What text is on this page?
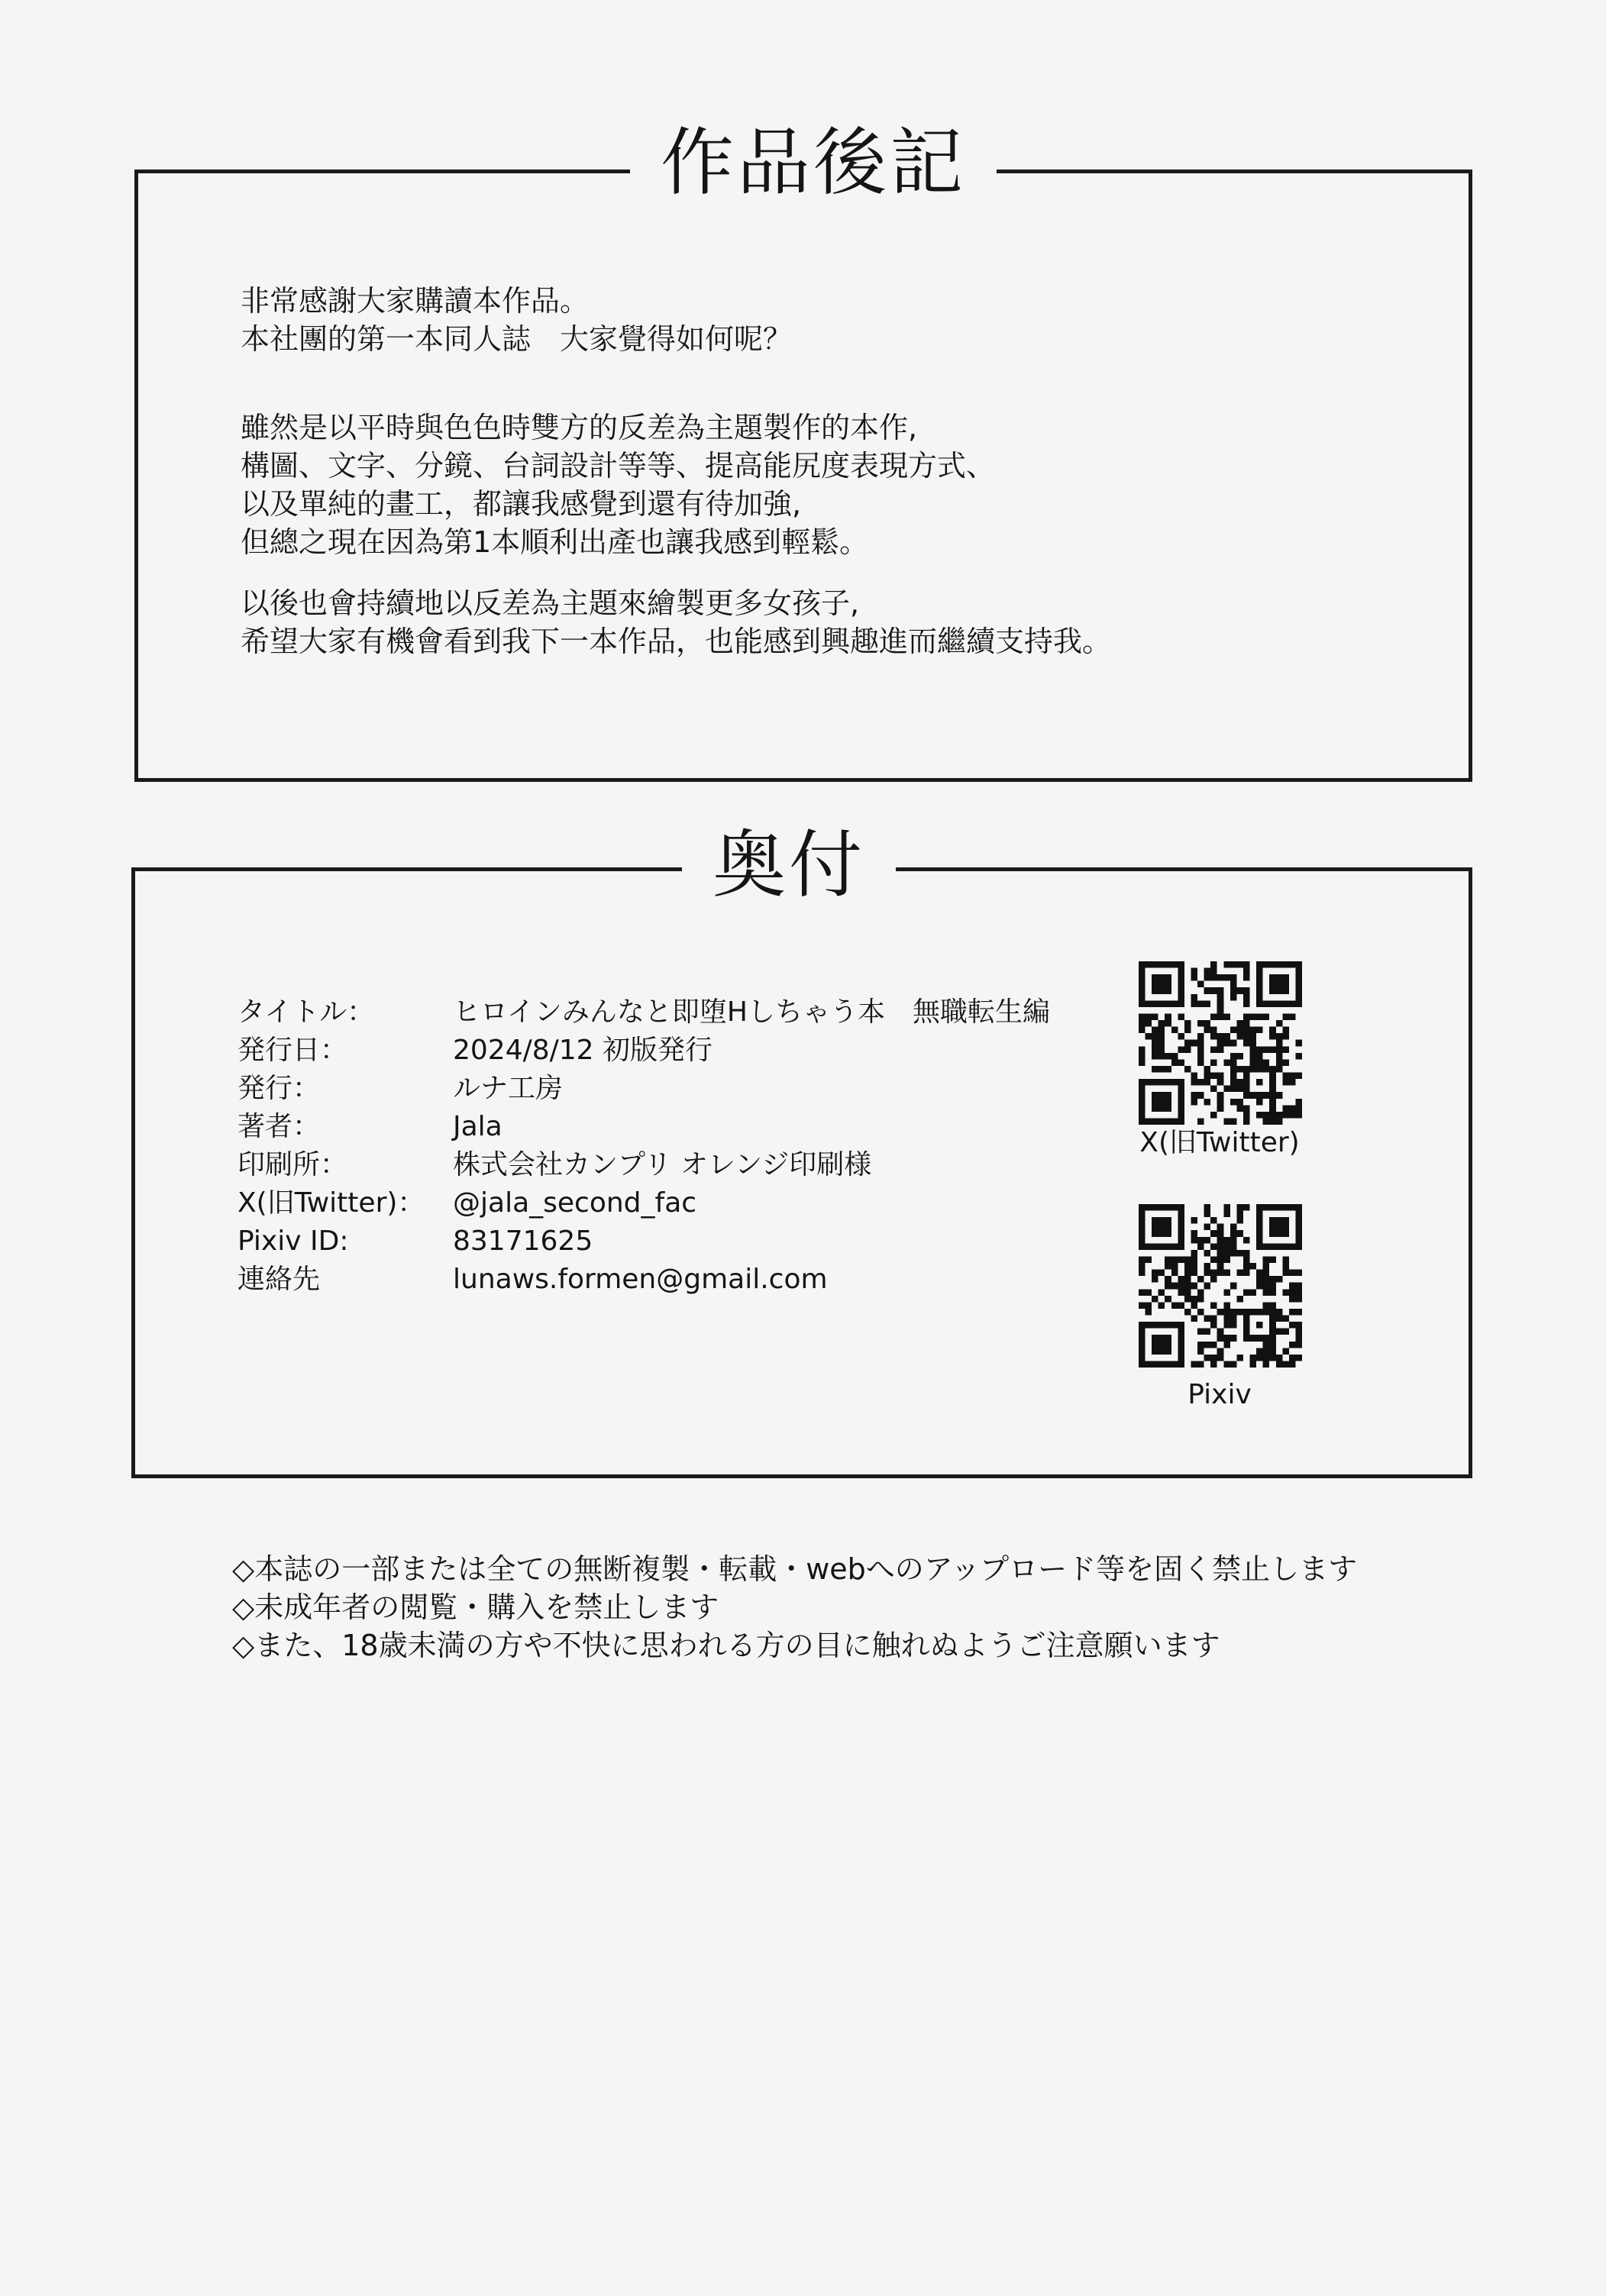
作品後記
非常感謝大家購讀本作品。
本社團的第一本同人誌　大家覺得如何呢？
雖然是以平時與色色時雙方的反差為主題製作的本作,
構圖、文字、分鏡、台詞設計等等、提高能尻度表現方式、
以及單純的畫工，都讓我感覺到還有待加強,
但總之現在因為第1本順利出產也讓我感到輕鬆。
以後也會持續地以反差為主題來繪製更多女孩子,
希望大家有機會看到我下一本作品，也能感到興趣進而繼續支持我。
奥付
タイトル：	ヒロインみんなと即堕Hしちゃう本　無職転生編
発行日：	2024/8/12 初版発行
発行：	ルナ工房
著者：	Jala
印刷所：	株式会社カンプリ オレンジ印刷様
X(旧Twitter)： @jala_second_fac
Pixiv ID:	83171625
連絡先	lunaws.formen@gmail.com
X(旧Twitter)
Pixiv
◇本誌の一部または全ての無断複製・転載・webへのアップロード等を固く禁止します
◇未成年者の閲覧・購入を禁止します
◇また、18歳未満の方や不快に思われる方の目に触れぬようご注意願います
